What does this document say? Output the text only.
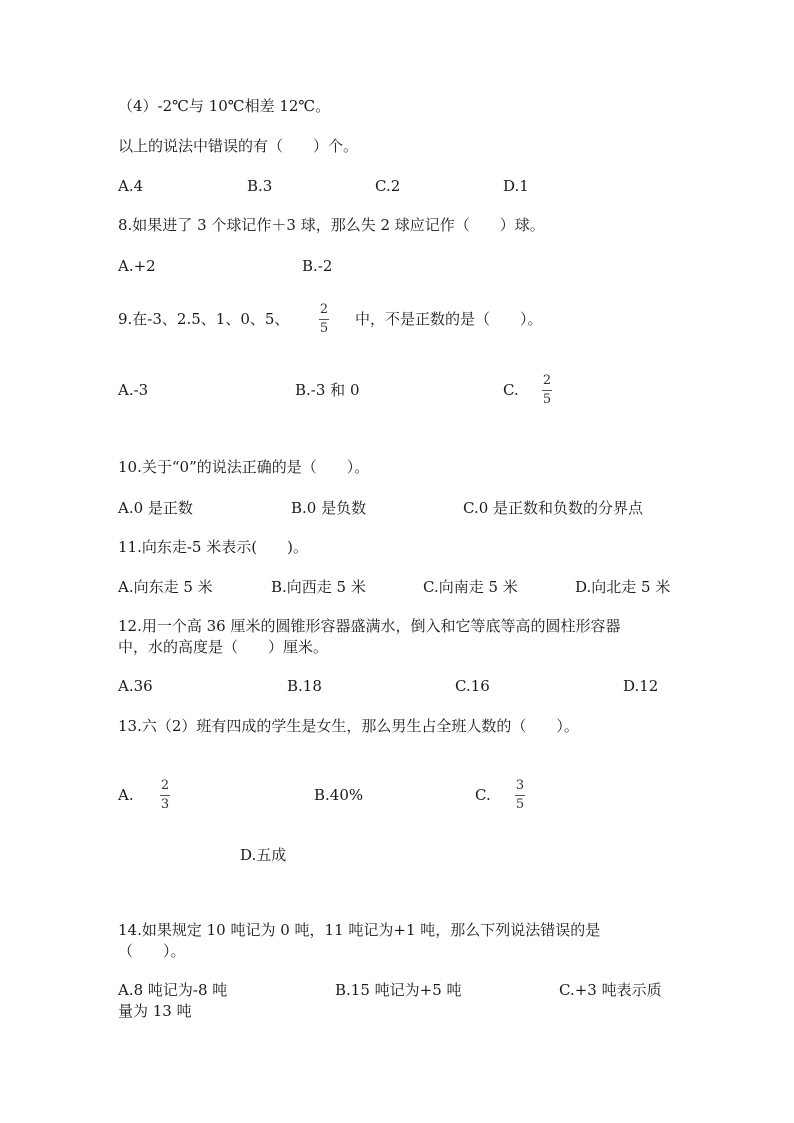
（4）-2℃与 10℃相差 12℃。
以上的说法中错误的有（　　）个。
A.4	B.3	C.2	D.1
8.如果进了 3 个球记作＋3 球，那么失 2 球应记作（　　）球。
A.+2	B.-2
9.在-3、2.5、1、0、5、
2
5
中，不是正数的是（　　）。
A.-3	B.-3 和 0	C.
2
5
10.关于“0”的说法正确的是（　　）。
A.0 是正数	B.0 是负数	C.0 是正数和负数的分界点
11.向东走-5 米表示(　　)。
A.向东走 5 米	B.向西走 5 米	C.向南走 5 米	D.向北走 5 米
12.用一个高 36 厘米的圆锥形容器盛满水，倒入和它等底等高的圆柱形容器
中，水的高度是（　　）厘米。
A.36	B.18	C.16	D.12
13.六（2）班有四成的学生是女生，那么男生占全班人数的（　　）。
A.
2
3
B.40%	C.
3
5
D.五成
14.如果规定 10 吨记为 0 吨，11 吨记为+1 吨，那么下列说法错误的是
（　　）。
A.8 吨记为-8 吨	B.15 吨记为+5 吨	C.+3 吨表示质
量为 13 吨
